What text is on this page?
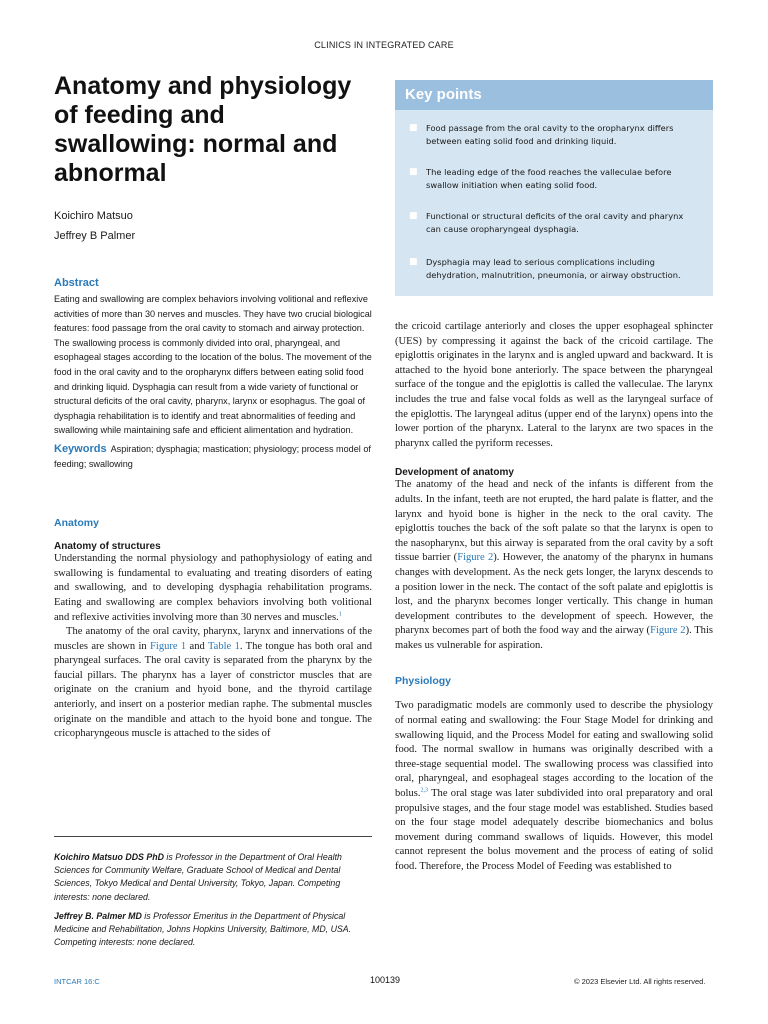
CLINICS IN INTEGRATED CARE
Anatomy and physiology of feeding and swallowing: normal and abnormal
Koichiro Matsuo
Jeffrey B Palmer
Abstract

Eating and swallowing are complex behaviors involving volitional and reflexive activities of more than 30 nerves and muscles. They have two crucial biological features: food passage from the oral cavity to stomach and airway protection. The swallowing process is commonly divided into oral, pharyngeal, and esophageal stages according to the location of the bolus. The movement of the food in the oral cavity and to the oropharynx differs between eating solid food and drinking liquid. Dysphagia can result from a wide variety of functional or structural deficits of the oral cavity, pharynx, larynx or esophagus. The goal of dysphagia rehabilitation is to identify and treat abnormalities of feeding and swallowing while maintaining safe and efficient alimentation and hydration.

Keywords Aspiration; dysphagia; mastication; physiology; process model of feeding; swallowing
Anatomy
Anatomy of structures

Understanding the normal physiology and pathophysiology of eating and swallowing is fundamental to evaluating and treating disorders of eating and swallowing, and to developing dysphagia rehabilitation programs. Eating and swallowing are complex behaviors involving both volitional and reflexive activities involving more than 30 nerves and muscles.$^1$

The anatomy of the oral cavity, pharynx, larynx and innervations of the muscles are shown in Figure 1 and Table 1. The tongue has both oral and pharyngeal surfaces. The oral cavity is separated from the pharynx by the faucial pillars. The pharynx has a layer of constrictor muscles that are originate on the cranium and hyoid bone, and the thyroid cartilage anteriorly, and insert on a posterior median raphe. The submental muscles originate on the mandible and attach to the hyoid bone and tongue. The cricopharyngeous muscle is attached to the sides of

Koichiro Matsuo DDS PhD is Professor in the Department of Oral Health Sciences for Community Welfare, Graduate School of Medical and Dental Sciences, Tokyo Medical and Dental University, Tokyo, Japan. Competing interests: none declared.
Jeffrey B. Palmer MD is Professor Emeritus in the Department of Physical Medicine and Rehabilitation, Johns Hopkins University, Baltimore, MD, USA. Competing interests: none declared.
Key points
■ Food passage from the oral cavity to the oropharynx differs between eating solid food and drinking liquid.
■ The leading edge of the food reaches the valleculae before swallow initiation when eating solid food.
■ Functional or structural deficits of the oral cavity and pharynx can cause oropharyngeal dysphagia.
■ Dysphagia may lead to serious complications including dehydration, malnutrition, pneumonia, or airway obstruction.

the cricoid cartilage anteriorly and closes the upper esophageal sphincter (UES) by compressing it against the back of the cricoid cartilage. The epiglottis originates in the larynx and is angled upward and backward. It is attached to the hyoid bone anteriorly. The space between the pharyngeal surface of the tongue and the epiglottis is called the valleculae. The larynx includes the true and false vocal folds as well as the laryngeal surface of the epiglottis. The laryngeal aditus (upper end of the larynx) opens into the lower portion of the pharynx. Lateral to the larynx are two spaces in the pharynx called the pyriform recesses.

Development of anatomy

The anatomy of the head and neck of the infants is different from the adults. In the infant, teeth are not erupted, the hard palate is flatter, and the larynx and hyoid bone is higher in the neck to the oral cavity. The epiglottis touches the back of the soft palate so that the larynx is open to the nasopharynx, but this airway is separated from the oral cavity by a soft tissue barrier (Figure 2). However, the anatomy of the pharynx in humans changes with development. As the neck gets longer, the larynx descends to a position lower in the neck. The contact of the soft palate and epiglottis is lost, and the pharynx becomes longer vertically. This change in human development contributes to the development of speech. However, the pharynx becomes part of both the food way and the airway (Figure 2). This makes us vulnerable for aspiration.

Physiology

Two paradigmatic models are commonly used to describe the physiology of normal eating and swallowing: the Four Stage Model for drinking and swallowing liquid, and the Process Model for eating and swallowing solid food. The normal swallow in humans was originally described with a three-stage sequential model. The swallowing process was classified into oral, pharyngeal, and esophageal stages according to the location of the bolus.$^{2,3}$ The oral stage was later subdivided into oral preparatory and oral propulsive stages, and the four stage model was established. Studies based on the four stage model adequately describe biomechanics and bolus movement during command swallows of liquids. However, this model cannot represent the bolus movement and the process of eating of solid food. Therefore, the Process Model of Feeding was established to

INTCAR 16:C	100139	© 2023 Elsevier Ltd. All rights reserved.
